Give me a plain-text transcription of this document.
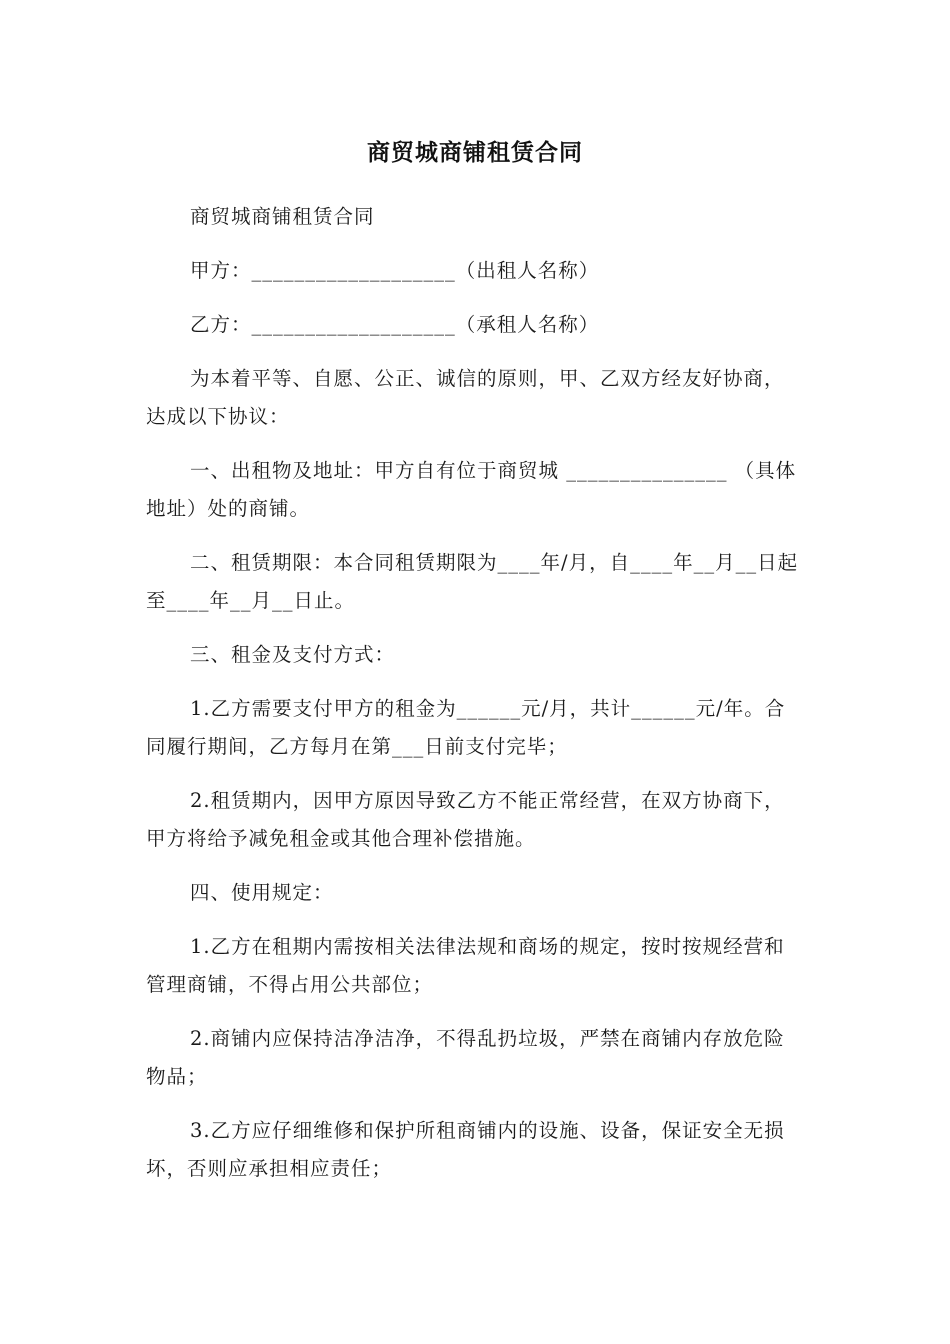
商贸城商铺租赁合同

商贸城商铺租赁合同

甲方：___________________（出租人名称）

乙方：___________________（承租人名称）

为本着平等、自愿、公正、诚信的原则，甲、乙双方经友好协商，达成以下协议：

一、出租物及地址：甲方自有位于商贸城 _______________ （具体地址）处的商铺。

二、租赁期限：本合同租赁期限为____年/月，自____年__月__日起至____年__月__日止。

三、租金及支付方式：

1.乙方需要支付甲方的租金为______元/月，共计______元/年。合同履行期间，乙方每月在第___日前支付完毕；

2.租赁期内，因甲方原因导致乙方不能正常经营，在双方协商下，甲方将给予减免租金或其他合理补偿措施。

四、使用规定：

1.乙方在租期内需按相关法律法规和商场的规定，按时按规经营和管理商铺，不得占用公共部位；

2.商铺内应保持洁净洁净，不得乱扔垃圾，严禁在商铺内存放危险物品；

3.乙方应仔细维修和保护所租商铺内的设施、设备，保证安全无损坏，否则应承担相应责任；
